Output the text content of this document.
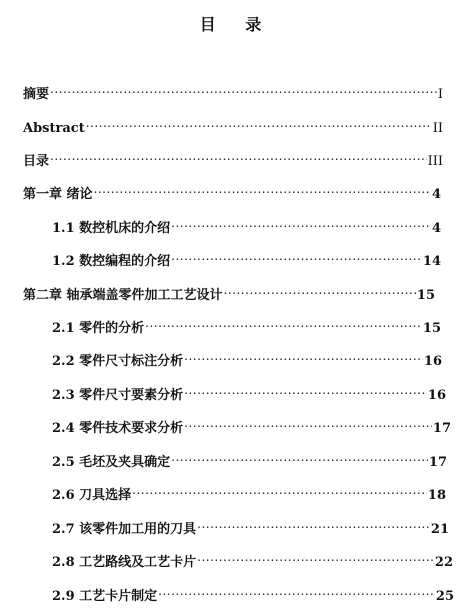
目 录
摘要 .....	I
Abstract .....	II
目录 .....	III
第一章 绪论 .....	4
1.1 数控机床的介绍 .....	4
1.2 数控编程的介绍 .....	14
第二章 轴承端盖零件加工工艺设计 .....	15
2.1 零件的分析 .....	15
2.2 零件尺寸标注分析 .....	16
2.3 零件尺寸要素分析 .....	16
2.4 零件技术要求分析 .....	17
2.5 毛坯及夹具确定 .....	17
2.6 刀具选择 .....	18
2.7 该零件加工用的刀具 .....	21
2.8 工艺路线及工艺卡片 .....	22
2.9 工艺卡片制定 .....	25
